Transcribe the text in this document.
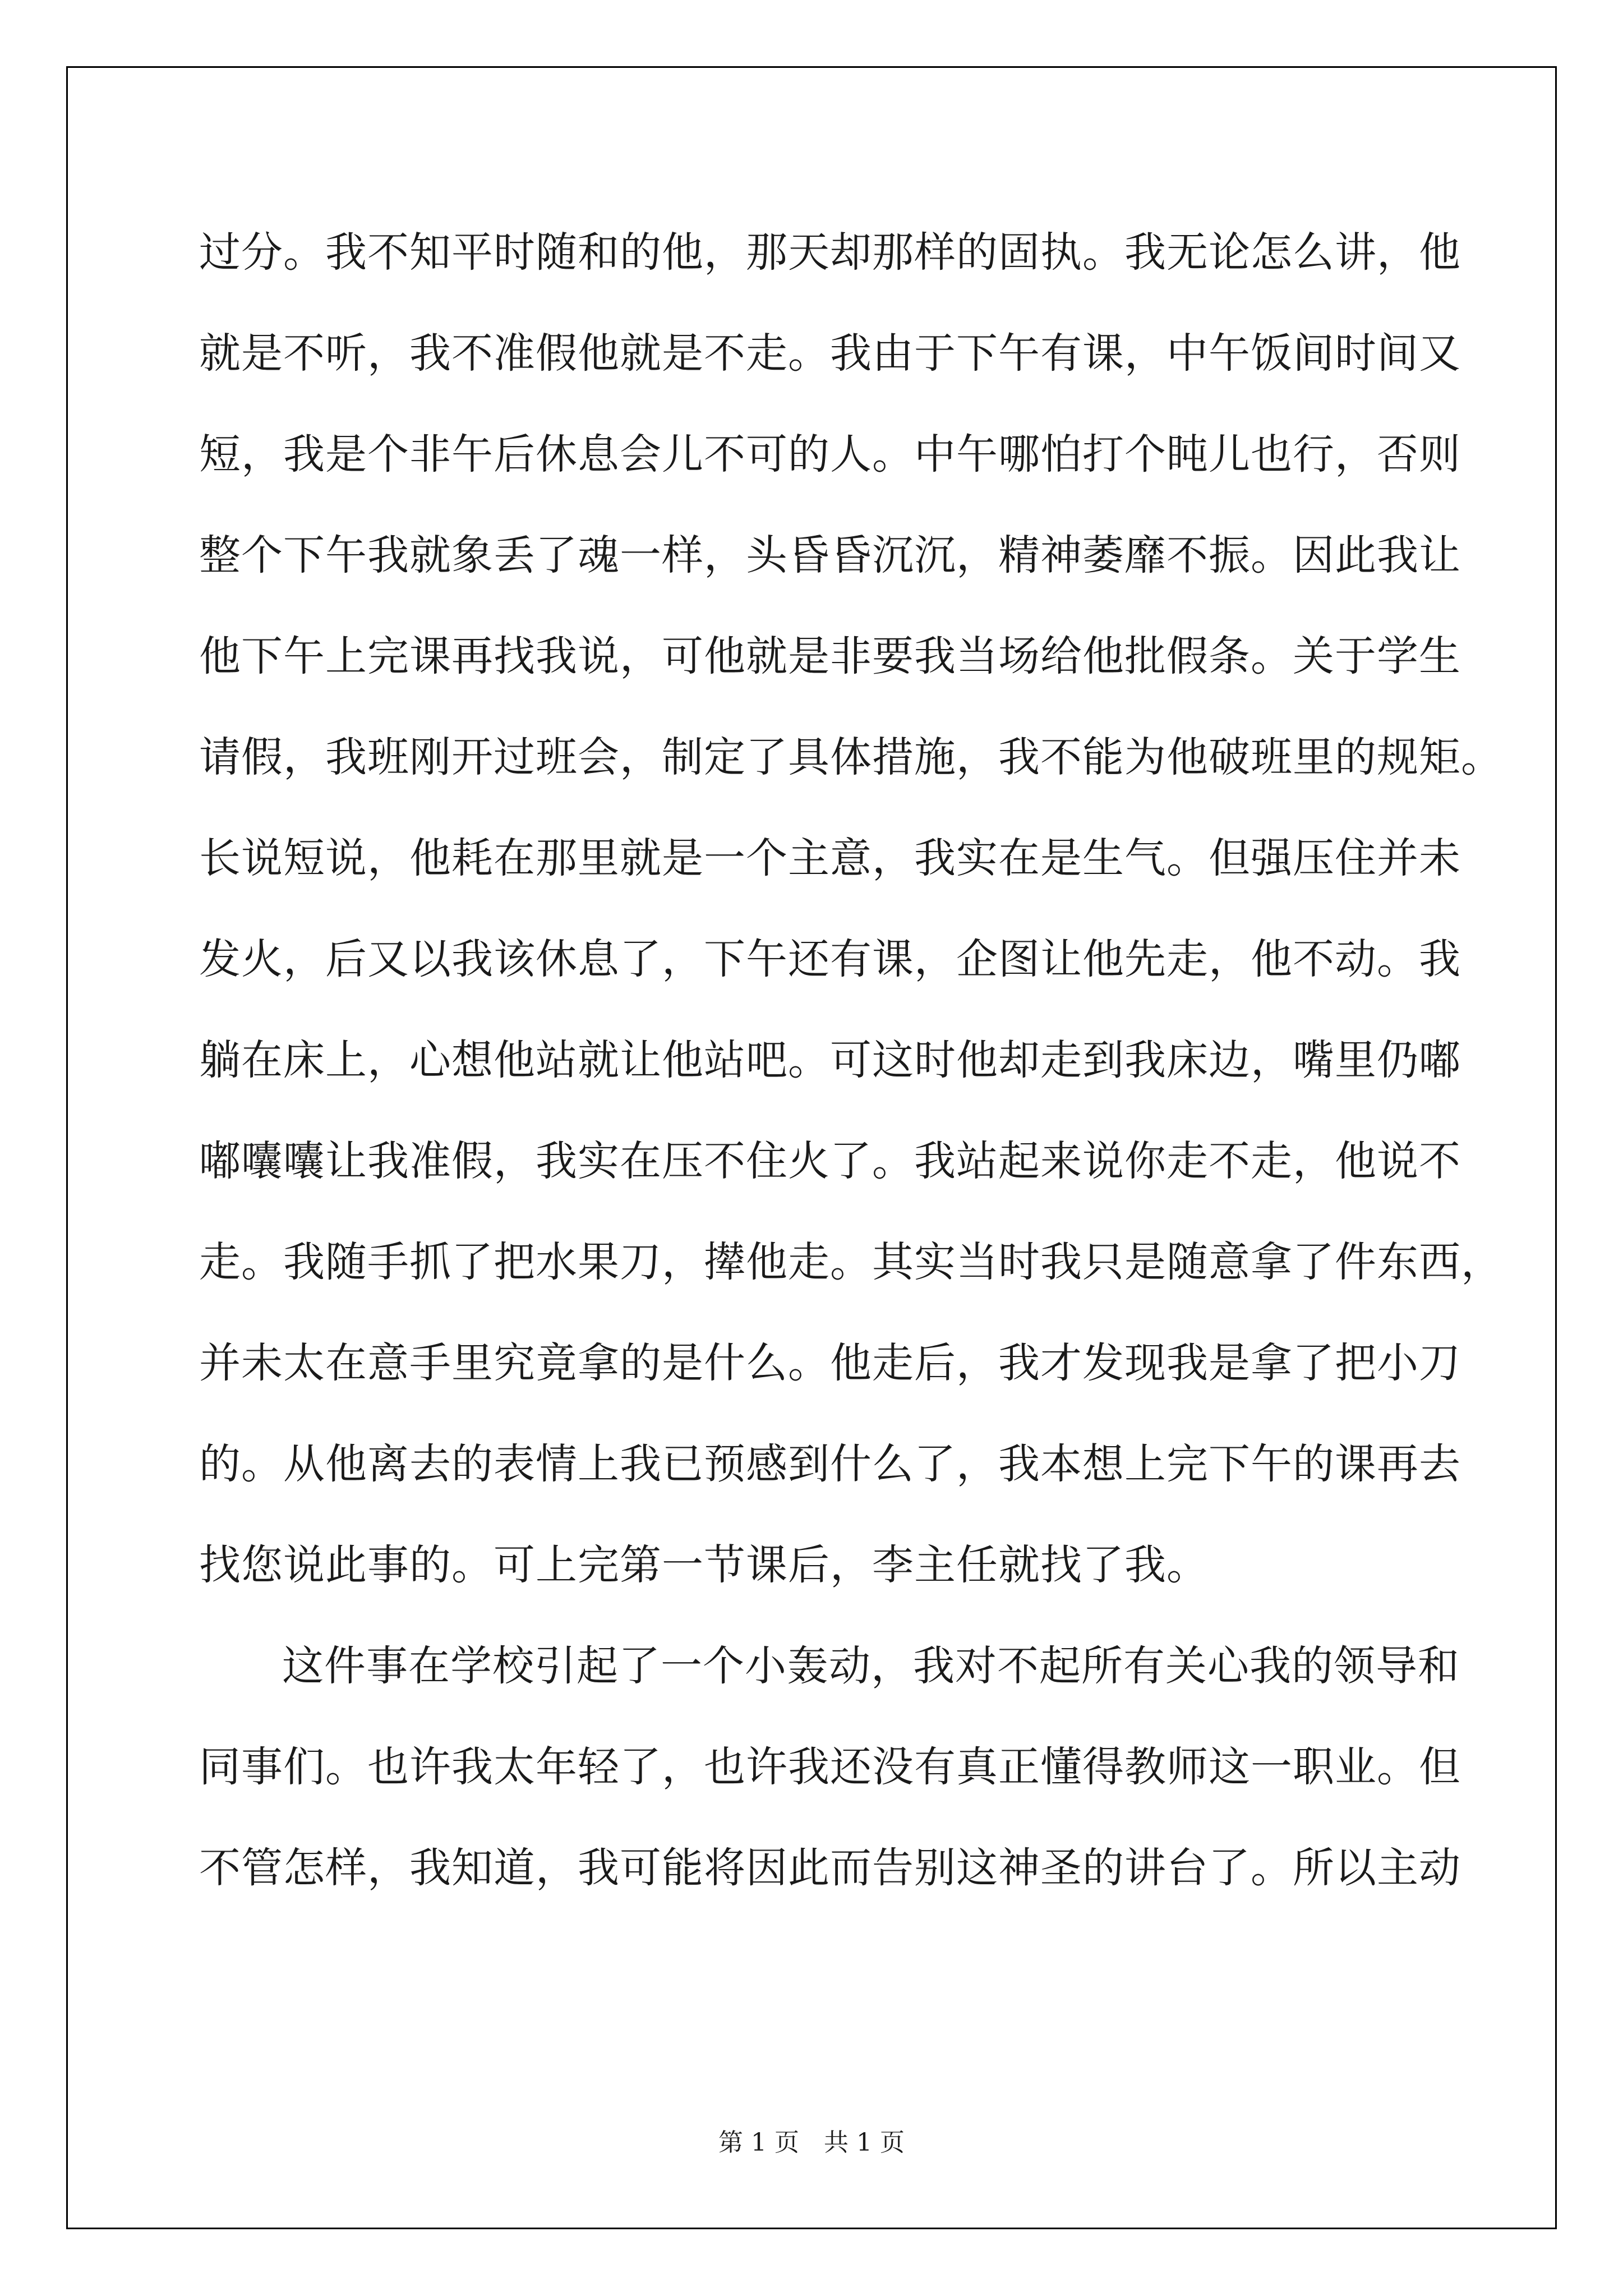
过分。我不知平时随和的他，那天却那样的固执。我无论怎么讲，他
就是不听，我不准假他就是不走。我由于下午有课，中午饭间时间又
短，我是个非午后休息会儿不可的人。中午哪怕打个盹儿也行，否则
整个下午我就象丢了魂一样，头昏昏沉沉，精神萎靡不振。因此我让
他下午上完课再找我说，可他就是非要我当场给他批假条。关于学生
请假，我班刚开过班会，制定了具体措施，我不能为他破班里的规矩。
长说短说，他耗在那里就是一个主意，我实在是生气。但强压住并未
发火，后又以我该休息了，下午还有课，企图让他先走，他不动。我
躺在床上，心想他站就让他站吧。可这时他却走到我床边，嘴里仍嘟
嘟囔囔让我准假，我实在压不住火了。我站起来说你走不走，他说不
走。我随手抓了把水果刀，撵他走。其实当时我只是随意拿了件东西，
并未太在意手里究竟拿的是什么。他走后，我才发现我是拿了把小刀
的。从他离去的表情上我已预感到什么了，我本想上完下午的课再去
找您说此事的。可上完第一节课后，李主任就找了我。
这件事在学校引起了一个小轰动，我对不起所有关心我的领导和
同事们。也许我太年轻了，也许我还没有真正懂得教师这一职业。但
不管怎样，我知道，我可能将因此而告别这神圣的讲台了。所以主动
第 1 页　共 1 页
